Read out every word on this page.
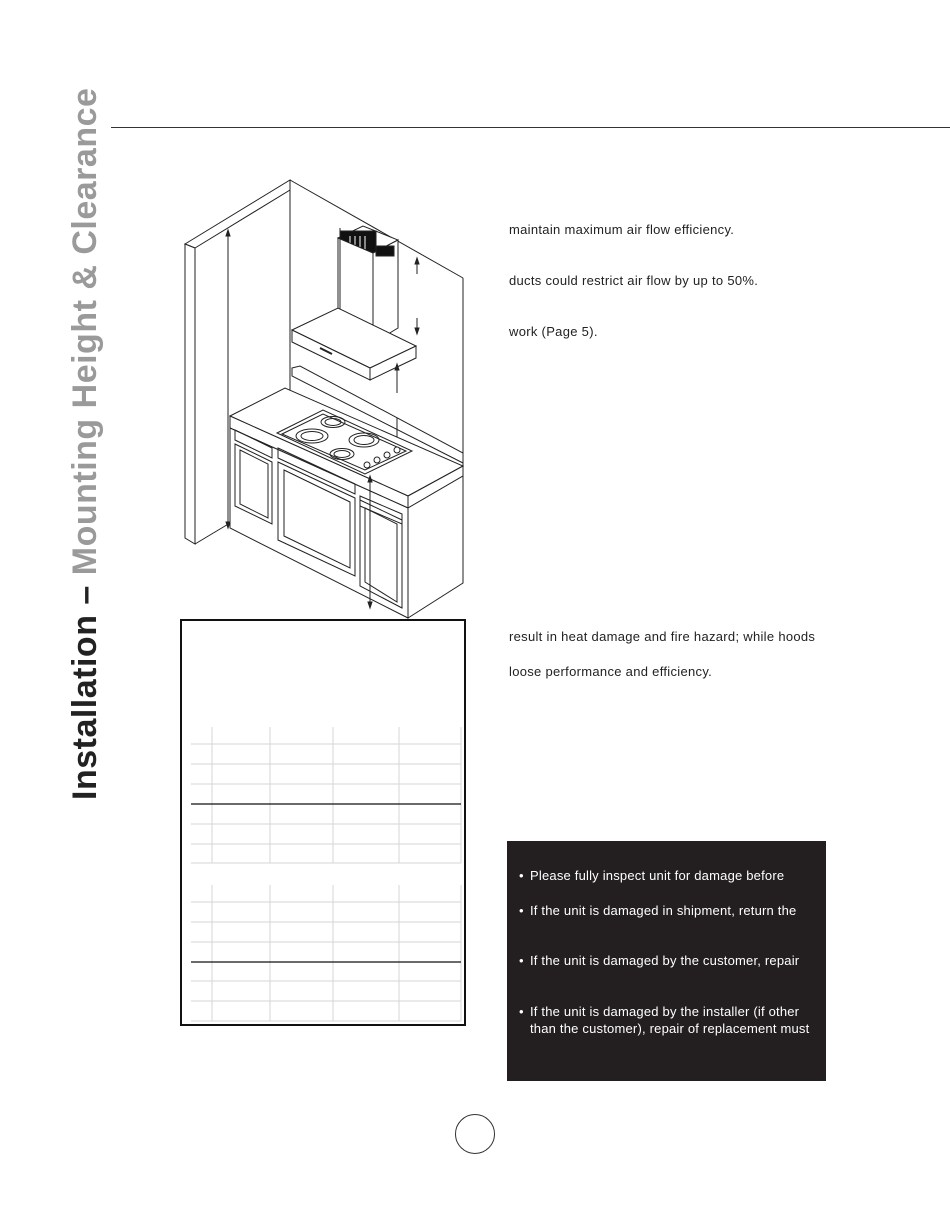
Installation – Mounting Height & Clearance	maintain maximum air flow efficiency.
ducts could restrict air flow by up to 50%.
work (Page 5).
result in heat damage and fire hazard; while hoods
loose performance and efficiency.
• Please fully inspect unit for damage before
• If the unit is damaged in shipment, return the
• If the unit is damaged by the customer, repair
• If the unit is damaged by the installer (if other
than the customer), repair of replacement must
